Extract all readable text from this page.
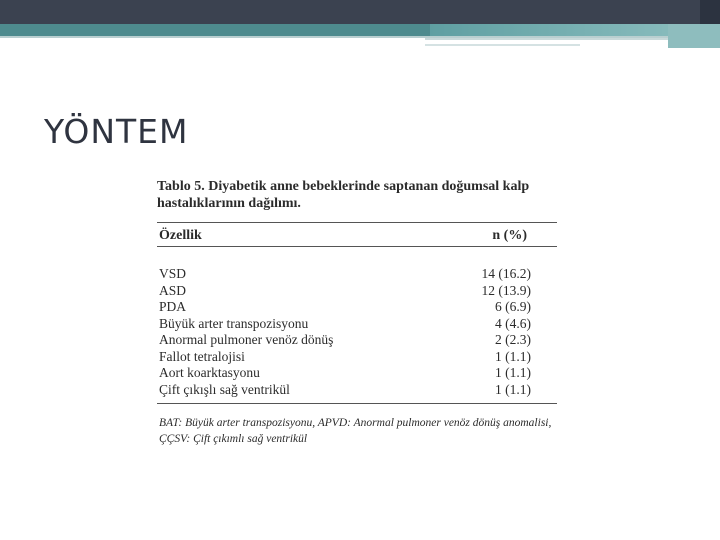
YÖNTEM

Tablo 5. Diyabetik anne bebeklerinde saptanan doğumsal kalp hastalıklarının dağılımı.

Özellik	n (%)
VSD	14 (16.2)
ASD	12 (13.9)
PDA	6 (6.9)
Büyük arter transpozisyonu	4 (4.6)
Anormal pulmoner venöz dönüş	2 (2.3)
Fallot tetralojisi	1 (1.1)
Aort koarktasyonu	1 (1.1)
Çift çıkışlı sağ ventrikül	1 (1.1)

BAT: Büyük arter transpozisyonu, APVD: Anormal pulmoner venöz dönüş anomalisi, ÇÇSV: Çift çıkımlı sağ ventrikül
